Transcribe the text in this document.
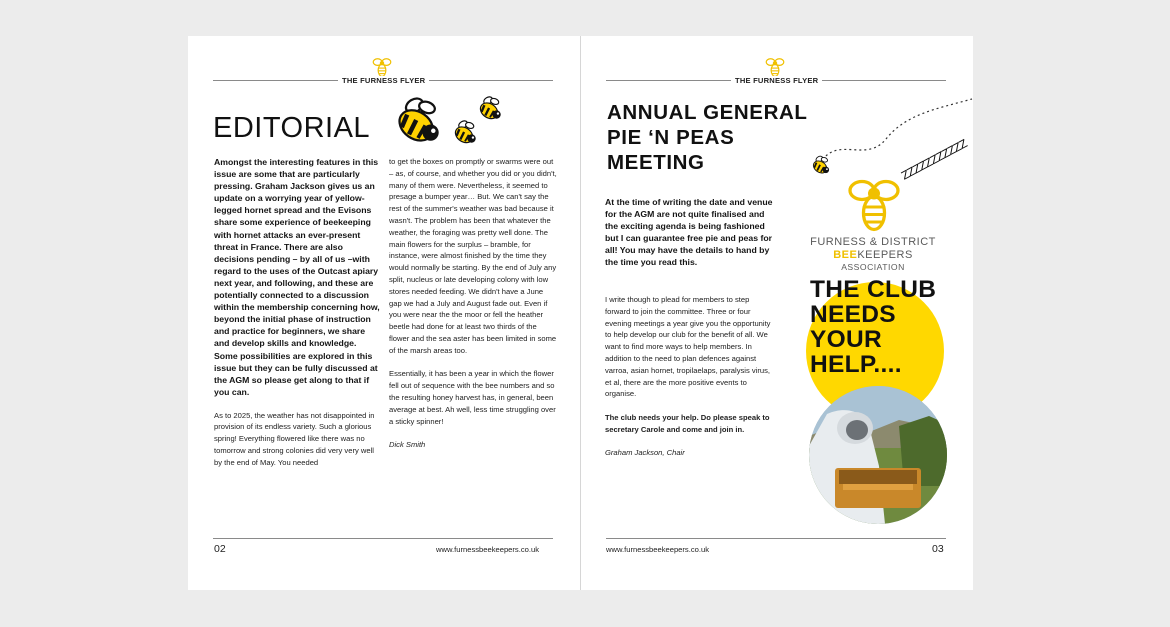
THE FURNESS FLYER
EDITORIAL

Amongst the interesting features in this issue are some that are particularly pressing. Graham Jackson gives us an update on a worrying year of yellow-legged hornet spread and the Evisons share some experience of beekeeping with hornet attacks an ever-present threat in France. There are also decisions pending – by all of us –with regard to the uses of the Outcast apiary next year, and following, and these are potentially connected to a discussion within the membership concerning how, beyond the initial phase of instruction and practice for beginners, we share and develop skills and knowledge. Some possibilities are explored in this issue but they can be fully discussed at the AGM so please get along to that if you can.

As to 2025, the weather has not disappointed in provision of its endless variety. Such a glorious spring! Everything flowered like there was no tomorrow and strong colonies did very very well by the end of May. You needed

to get the boxes on promptly or swarms were out – as, of course, and whether you did or you didn't, many of them were. Nevertheless, it seemed to presage a bumper year… But. We can't say the rest of the summer's weather was bad because it wasn't. The problem has been that whatever the weather, the foraging was pretty well done. The main flowers for the surplus – bramble, for instance, were almost finished by the time they would normally be starting. By the end of July any split, nucleus or late developing colony with low stores needed feeding. We didn't have a June gap we had a July and August fade out. Even if you were near the the moor or fell the heather beetle had done for at least two thirds of the flower and the sea aster has been limited in some of the marsh areas too.

Essentially, it has been a year in which the flower fell out of sequence with the bee numbers and so the resulting honey harvest has, in general, been average at best. Ah well, less time struggling over a sticky spinner!

Dick Smith

02	www.furnessbeekeepers.co.uk
THE FURNESS FLYER
ANNUAL GENERAL
PIE ‘N PEAS
MEETING
At the time of writing the date and venue for the AGM are not quite finalised and the exciting agenda is being fashioned but I can guarantee free pie and peas for all! You may have the details to hand by the time you read this.

I write though to plead for members to step forward to join the committee. Three or four evening meetings a year give you the opportunity to help develop our club for the benefit of all. We want to find more ways to help members. In addition to the need to plan defences against varroa, asian hornet, tropilaelaps, paralysis virus, et al, there are the more positive events to organise.

The club needs your help. Do please speak to secretary Carole and come and join in.

Graham Jackson, Chair

ZZZZZZZZZZZ
FURNESS & DISTRICT
BEEKEEPERS
ASSOCIATION
THE CLUB
NEEDS
YOUR
HELP....
www.furnessbeekeepers.co.uk	03
